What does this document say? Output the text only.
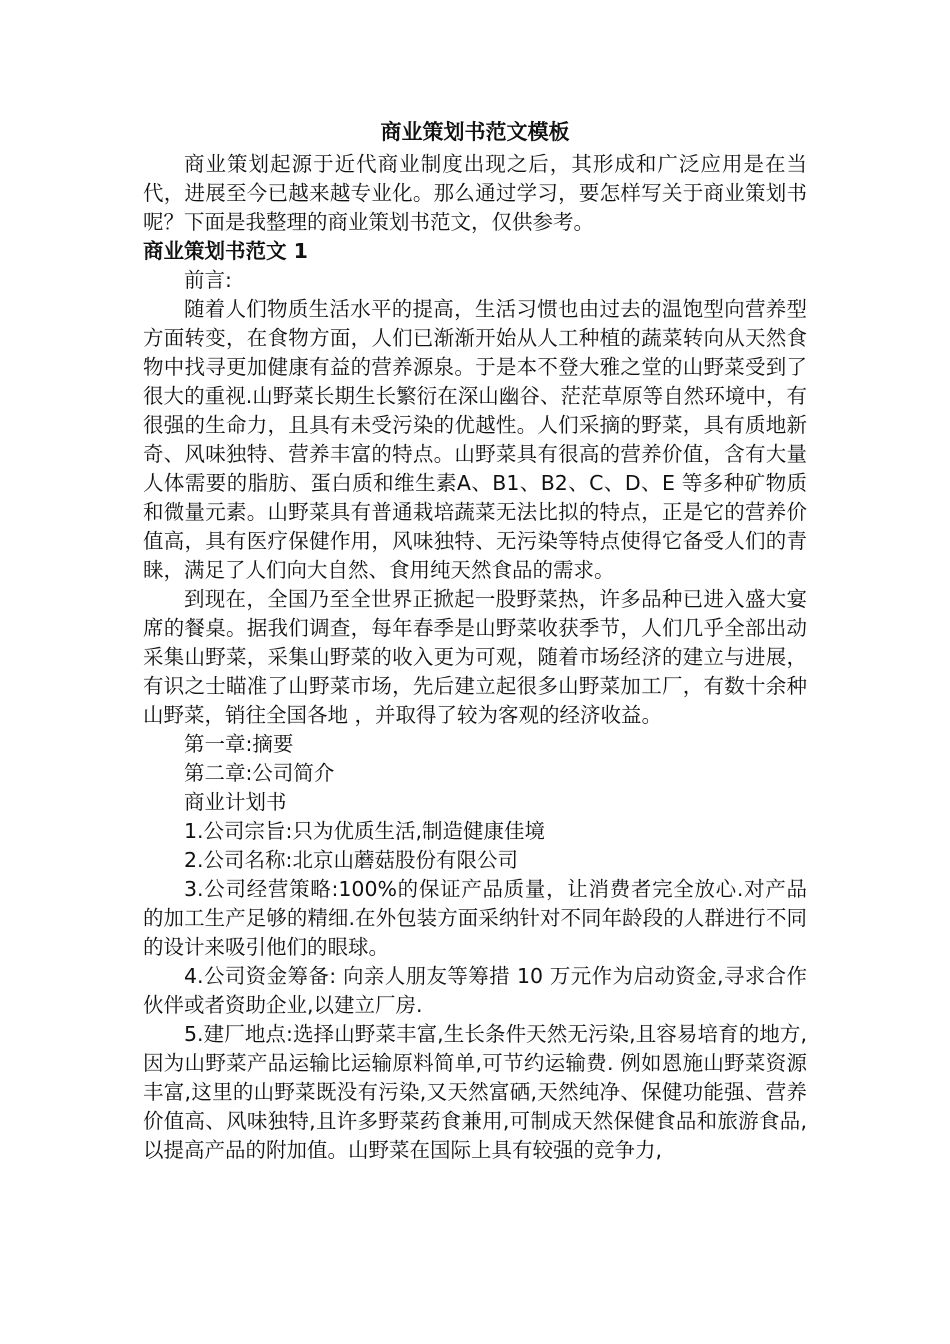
商业策划书范文模板

商业策划起源于近代商业制度出现之后，其形成和广泛应用是在当代，进展至今已越来越专业化。那么通过学习，要怎样写关于商业策划书呢？下面是我整理的商业策划书范文，仅供参考。

商业策划书范文 1

前言:

随着人们物质生活水平的提高，生活习惯也由过去的温饱型向营养型方面转变，在食物方面，人们已渐渐开始从人工种植的蔬菜转向从天然食物中找寻更加健康有益的营养源泉。于是本不登大雅之堂的山野菜受到了很大的重视.山野菜长期生长繁衍在深山幽谷、茫茫草原等自然环境中，有很强的生命力，且具有未受污染的优越性。人们采摘的野菜，具有质地新奇、风味独特、营养丰富的特点。山野菜具有很高的营养价值，含有大量人体需要的脂肪、蛋白质和维生素A、B1、B2、C、D、E 等多种矿物质和微量元素。山野菜具有普通栽培蔬菜无法比拟的特点，正是它的营养价值高，具有医疗保健作用，风味独特、无污染等特点使得它备受人们的青睐，满足了人们向大自然、食用纯天然食品的需求。

到现在，全国乃至全世界正掀起一股野菜热，许多品种已进入盛大宴席的餐桌。据我们调查，每年春季是山野菜收获季节，人们几乎全部出动采集山野菜，采集山野菜的收入更为可观，随着市场经济的建立与进展，有识之士瞄准了山野菜市场，先后建立起很多山野菜加工厂，有数十余种山野菜，销往全国各地 ，并取得了较为客观的经济收益。

第一章:摘要

第二章:公司简介

商业计划书

1.公司宗旨:只为优质生活,制造健康佳境

2.公司名称:北京山蘑菇股份有限公司

3.公司经营策略:100%的保证产品质量，让消费者完全放心.对产品的加工生产足够的精细.在外包装方面采纳针对不同年龄段的人群进行不同的设计来吸引他们的眼球。

4.公司资金筹备: 向亲人朋友等筹措 10 万元作为启动资金,寻求合作伙伴或者资助企业,以建立厂房.

5.建厂地点:选择山野菜丰富,生长条件天然无污染,且容易培育的地方,因为山野菜产品运输比运输原料简单,可节约运输费. 例如恩施山野菜资源丰富,这里的山野菜既没有污染,又天然富硒,天然纯净、保健功能强、营养价值高、风味独特,且许多野菜药食兼用,可制成天然保健食品和旅游食品,以提高产品的附加值。山野菜在国际上具有较强的竞争力,
